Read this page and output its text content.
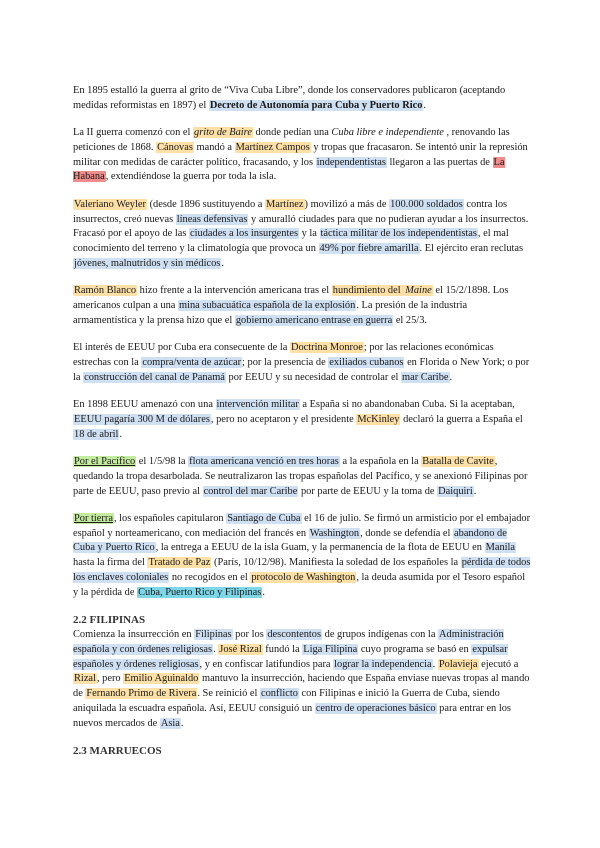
En 1895 estalló la guerra al grito de “Viva Cuba Libre”, donde los conservadores publicaron (aceptando medidas reformistas en 1897) el Decreto de Autonomía para Cuba y Puerto Rico.

La II guerra comenzó con el grito de Baire donde pedían una Cuba libre e independiente , renovando las peticiones de 1868. Cánovas mandó a Martínez Campos y tropas que fracasaron. Se intentó unir la represión militar con medidas de carácter político, fracasando, y los independentistas llegaron a las puertas de La Habana, extendiéndose la guerra por toda la isla.

Valeriano Weyler (desde 1896 sustituyendo a Martínez) movilizó a más de 100.000 soldados contra los insurrectos, creó nuevas líneas defensivas y amuralló ciudades para que no pudieran ayudar a los insurrectos. Fracasó por el apoyo de las ciudades a los insurgentes y la táctica militar de los independentistas, el mal conocimiento del terreno y la climatología que provoca un 49% por fiebre amarilla. El ejército eran reclutas jóvenes, malnutridos y sin médicos.

Ramón Blanco hizo frente a la intervención americana tras el hundimiento del Maine el 15/2/1898. Los americanos culpan a una mina subacuática española de la explosión. La presión de la industria armamentística y la prensa hizo que el gobierno americano entrase en guerra el 25/3.

El interés de EEUU por Cuba era consecuente de la Doctrina Monroe; por las relaciones económicas estrechas con la compra/venta de azúcar; por la presencia de exiliados cubanos en Florida o New York; o por la construcción del canal de Panamá por EEUU y su necesidad de controlar el mar Caribe.

En 1898 EEUU amenazó con una intervención militar a España si no abandonaban Cuba. Si la aceptaban, EEUU pagaría 300 M de dólares, pero no aceptaron y el presidente McKinley declaró la guerra a España el 18 de abril.

Por el Pacífico el 1/5/98 la flota americana venció en tres horas a la española en la Batalla de Cavite, quedando la tropa desarbolada. Se neutralizaron las tropas españolas del Pacífico, y se anexionó Filipinas por parte de EEUU, paso previo al control del mar Caribe por parte de EEUU y la toma de Daiquiri.

Por tierra, los españoles capitularon Santiago de Cuba el 16 de julio. Se firmó un armisticio por el embajador español y norteamericano, con mediación del francés en Washington, donde se defendía el abandono de Cuba y Puerto Rico, la entrega a EEUU de la isla Guam, y la permanencia de la flota de EEUU en Manila hasta la firma del Tratado de Paz (París, 10/12/98). Manifiesta la soledad de los españoles la pérdida de todos los enclaves coloniales no recogidos en el protocolo de Washington, la deuda asumida por el Tesoro español y la pérdida de Cuba, Puerto Rico y Filipinas.

2.2 FILIPINAS

Comienza la insurrección en Filipinas por los descontentos de grupos indígenas con la Administración española y con órdenes religiosas. José Rizal fundó la Liga Filipina cuyo programa se basó en expulsar españoles y órdenes religiosas, y en confiscar latifundios para lograr la independencia. Polavieja ejecutó a Rizal, pero Emilio Aguinaldo mantuvo la insurrección, haciendo que España enviase nuevas tropas al mando de Fernando Primo de Rivera. Se reinició el conflicto con Filipinas e inició la Guerra de Cuba, siendo aniquilada la escuadra española. Así, EEUU consiguió un centro de operaciones básico para entrar en los nuevos mercados de Asia.

2.3 MARRUECOS
